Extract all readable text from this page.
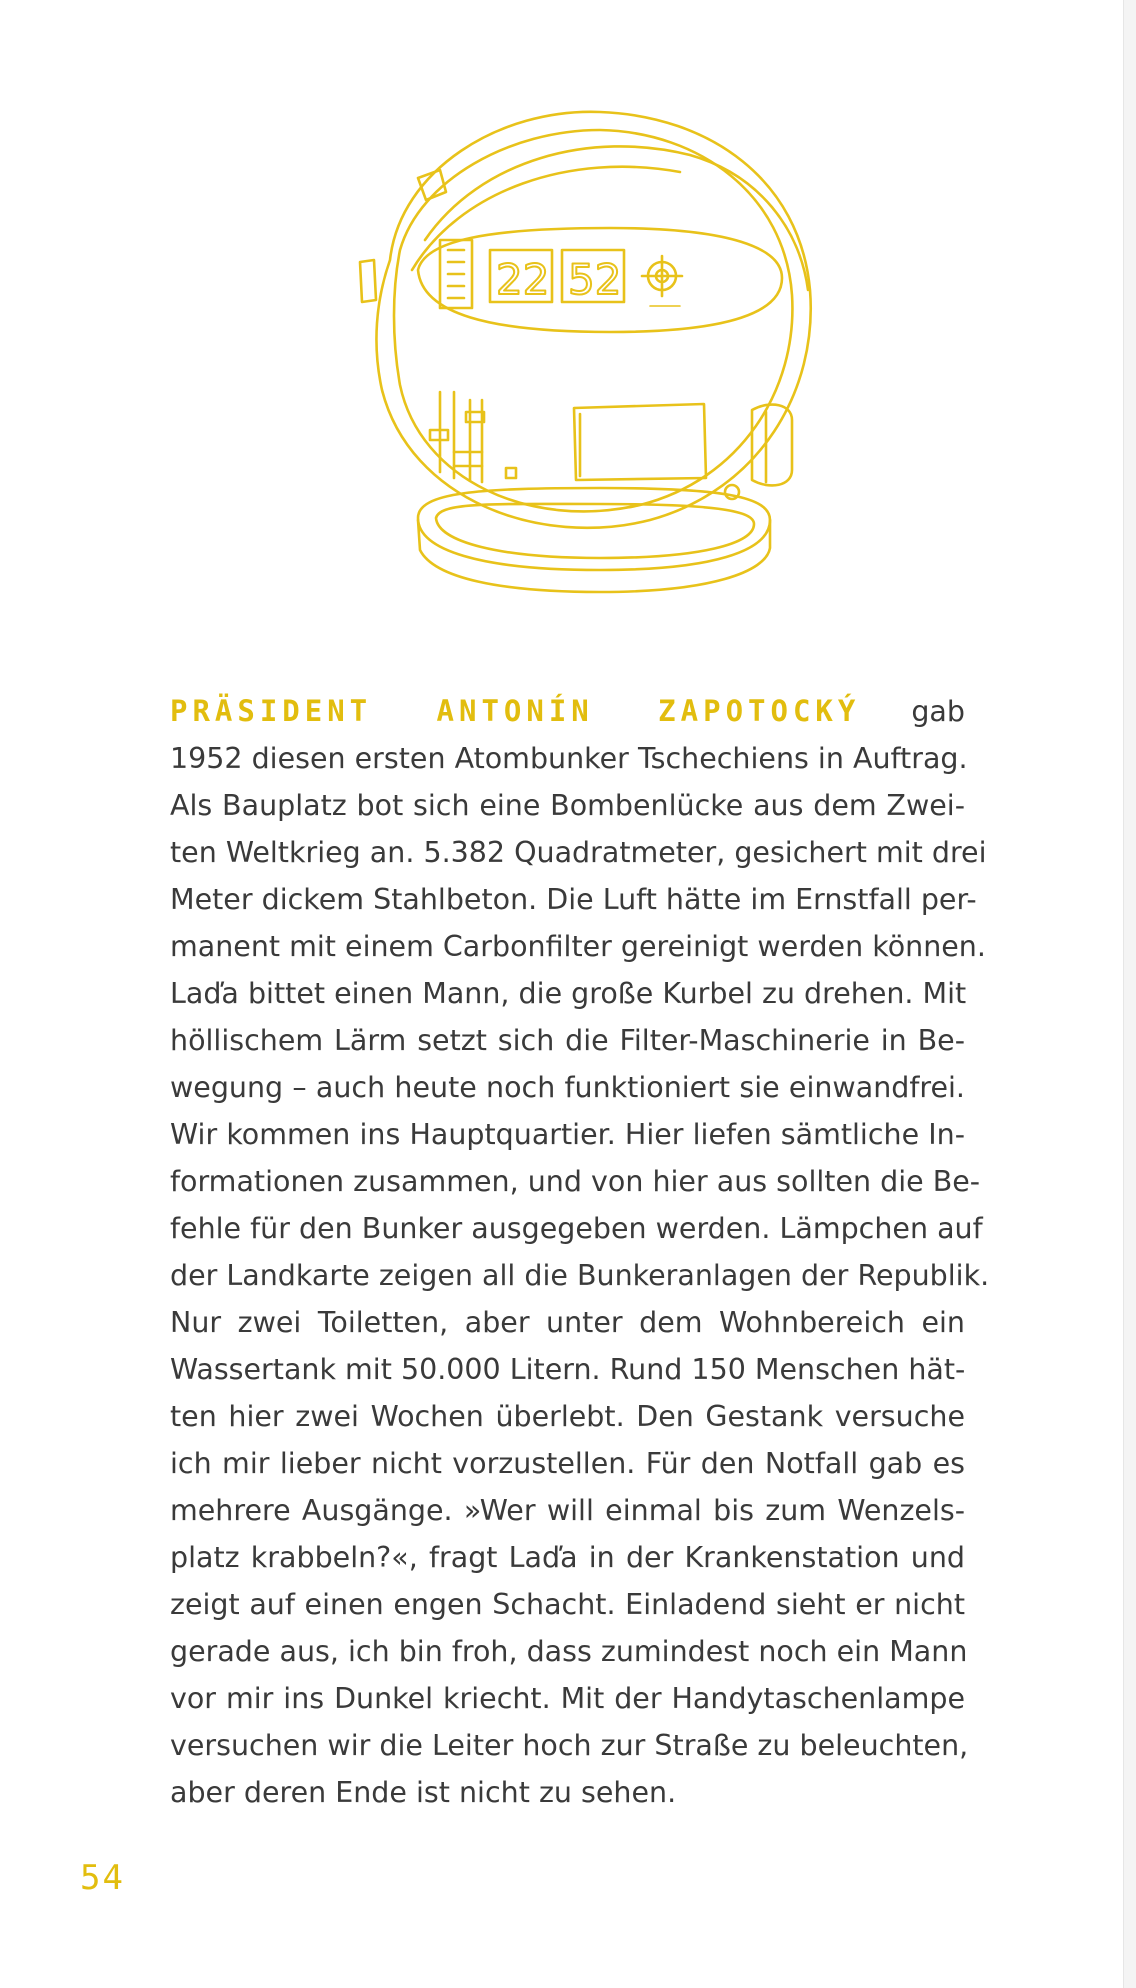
22 52
PRÄSIDENT ANTONÍN ZAPOTOCKÝ gab
1952 diesen ersten Atombunker Tschechiens in Auftrag.
Als Bauplatz bot sich eine Bombenlücke aus dem Zwei-
ten Weltkrieg an. 5.382 Quadratmeter, gesichert mit drei
Meter dickem Stahlbeton. Die Luft hätte im Ernstfall per-
manent mit einem Carbonfilter gereinigt werden können.
Laďa bittet einen Mann, die große Kurbel zu drehen. Mit
höllischem Lärm setzt sich die Filter-Maschinerie in Be-
wegung – auch heute noch funktioniert sie einwandfrei.
Wir kommen ins Hauptquartier. Hier liefen sämtliche In-
formationen zusammen, und von hier aus sollten die Be-
fehle für den Bunker ausgegeben werden. Lämpchen auf
der Landkarte zeigen all die Bunkeranlagen der Republik.
Nur zwei Toiletten, aber unter dem Wohnbereich ein
Wassertank mit 50.000 Litern. Rund 150 Menschen hät-
ten hier zwei Wochen überlebt. Den Gestank versuche
ich mir lieber nicht vorzustellen. Für den Notfall gab es
mehrere Ausgänge. »Wer will einmal bis zum Wenzels-
platz krabbeln?«, fragt Laďa in der Krankenstation und
zeigt auf einen engen Schacht. Einladend sieht er nicht
gerade aus, ich bin froh, dass zumindest noch ein Mann
vor mir ins Dunkel kriecht. Mit der Handytaschenlampe
versuchen wir die Leiter hoch zur Straße zu beleuchten,
aber deren Ende ist nicht zu sehen.
54
